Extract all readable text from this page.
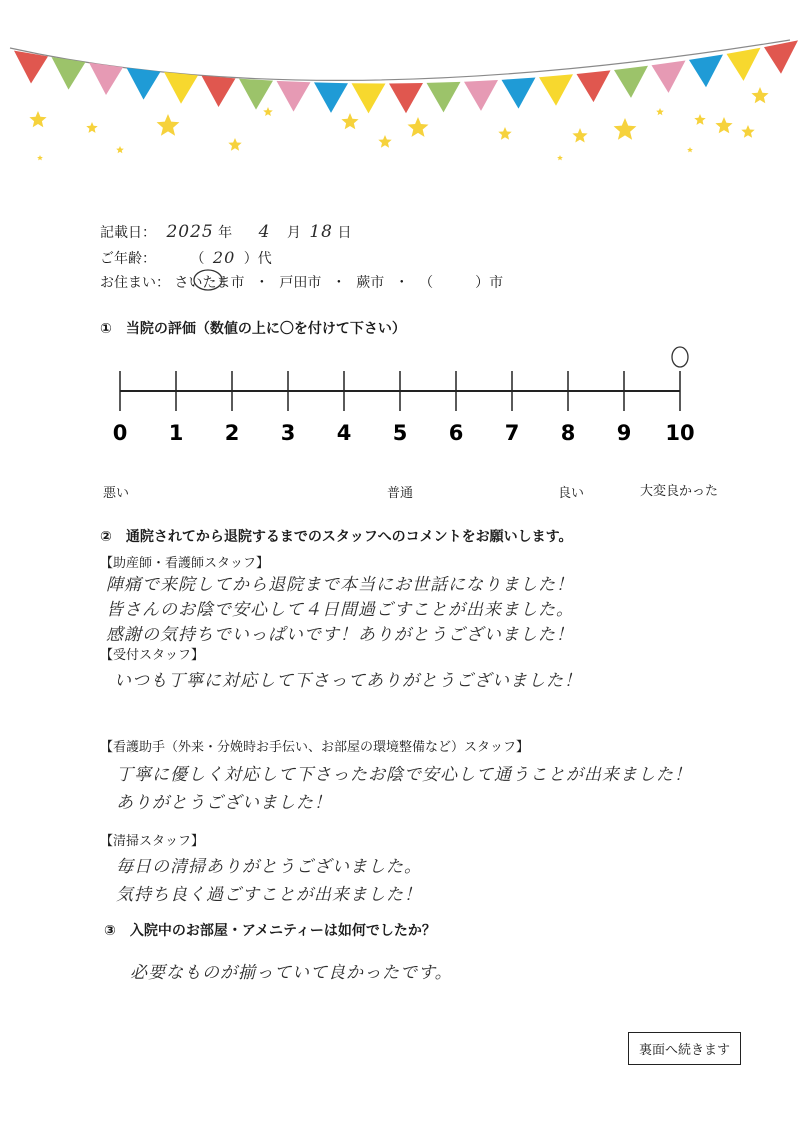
記載日： 2025 年 4 月 18 日
ご年齢： （ 20 ）代
お住まい： さいたま市 ・ 戸田市 ・ 蕨市 ・ （　　　）市
①　当院の評価（数値の上に〇を付けて下さい）
0 1 2 3 4 5 6 7 8 9 10
悪い	普通	良い	大変良かった
②　通院されてから退院するまでのスタッフへのコメントをお願いします。
【助産師・看護師スタッフ】
陣痛で来院してから退院まで本当にお世話になりました！
皆さんのお陰で安心して４日間過ごすことが出来ました。
感謝の気持ちでいっぱいです！ありがとうございました！
【受付スタッフ】
いつも丁寧に対応して下さってありがとうございました！
【看護助手（外来・分娩時お手伝い、お部屋の環境整備など）スタッフ】
丁寧に優しく対応して下さったお陰で安心して通うことが出来ました！
ありがとうございました！
【清掃スタッフ】
毎日の清掃ありがとうございました。
気持ち良く過ごすことが出来ました！
③　入院中のお部屋・アメニティーは如何でしたか？
必要なものが揃っていて良かったです。
裏面へ続きます
